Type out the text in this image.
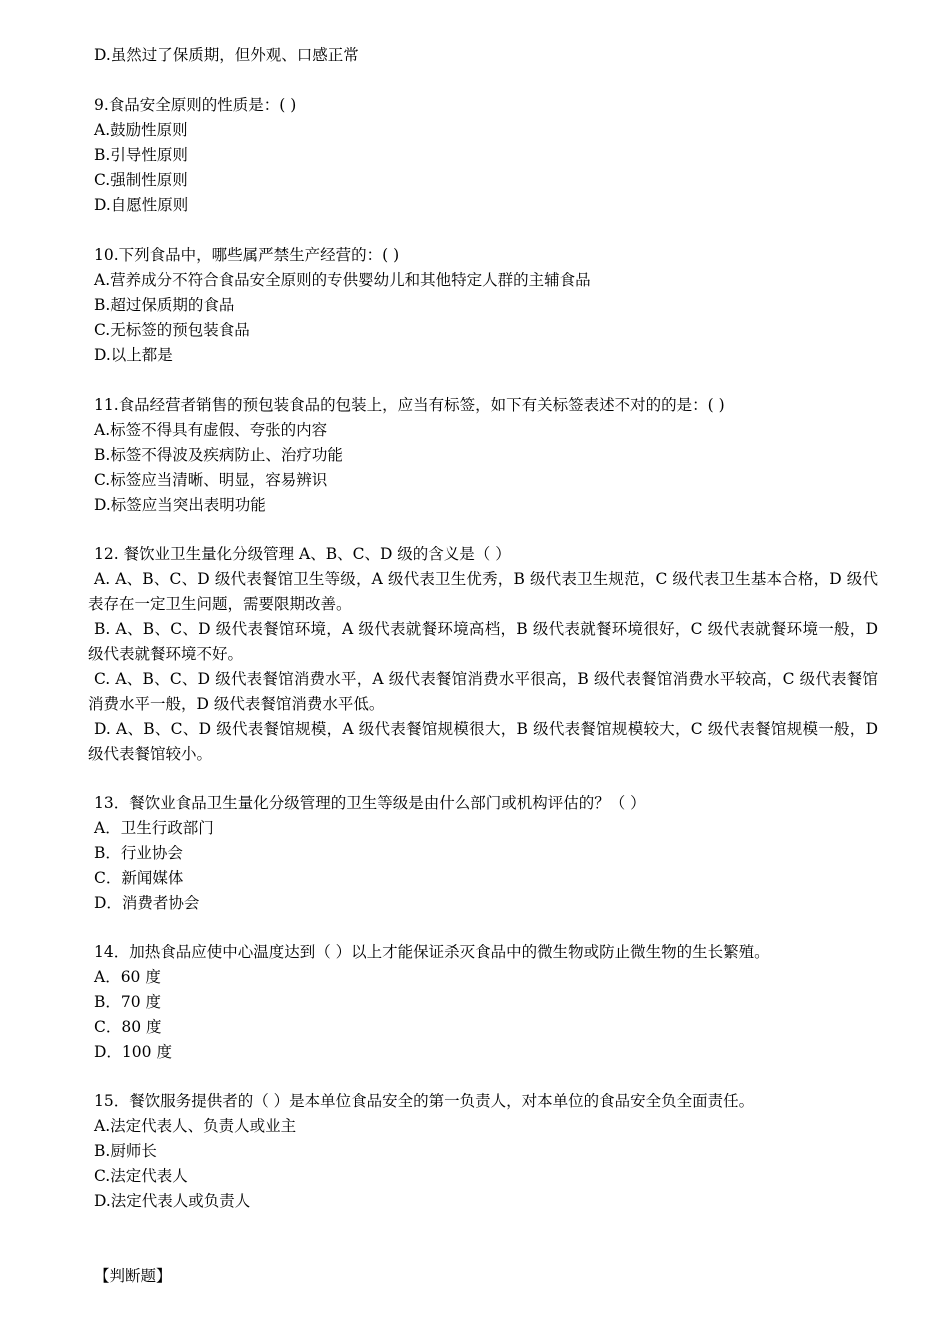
D.虽然过了保质期，但外观、口感正常
9.食品安全原则的性质是：( )
A.鼓励性原则
B.引导性原则
C.强制性原则
D.自愿性原则
10.下列食品中，哪些属严禁生产经营的：( )
A.营养成分不符合食品安全原则的专供婴幼儿和其他特定人群的主辅食品
B.超过保质期的食品
C.无标签的预包装食品
D.以上都是
11.食品经营者销售的预包装食品的包装上，应当有标签，如下有关标签表述不对的的是：( )
A.标签不得具有虚假、夸张的内容
B.标签不得波及疾病防止、治疗功能
C.标签应当清晰、明显，容易辨识
D.标签应当突出表明功能
12. 餐饮业卫生量化分级管理 A、B、C、D 级的含义是（ ）
A. A、B、C、D 级代表餐馆卫生等级，A 级代表卫生优秀，B 级代表卫生规范，C 级代表卫生基本合格，D 级代表存在一定卫生问题，需要限期改善。
B. A、B、C、D 级代表餐馆环境，A 级代表就餐环境高档，B 级代表就餐环境很好，C 级代表就餐环境一般，D 级代表就餐环境不好。
C. A、B、C、D 级代表餐馆消费水平，A 级代表餐馆消费水平很高，B 级代表餐馆消费水平较高，C 级代表餐馆消费水平一般，D 级代表餐馆消费水平低。
D. A、B、C、D 级代表餐馆规模，A 级代表餐馆规模很大，B 级代表餐馆规模较大，C 级代表餐馆规模一般，D 级代表餐馆较小。
13．餐饮业食品卫生量化分级管理的卫生等级是由什么部门或机构评估的？（ ）
A．卫生行政部门
B．行业协会
C．新闻媒体
D．消费者协会
14．加热食品应使中心温度达到（ ）以上才能保证杀灭食品中的微生物或防止微生物的生长繁殖。
A．60 度
B．70 度
C．80 度
D．100 度
15．餐饮服务提供者的（ ）是本单位食品安全的第一负责人，对本单位的食品安全负全面责任。
A.法定代表人、负责人或业主
B.厨师长
C.法定代表人
D.法定代表人或负责人
【判断题】
